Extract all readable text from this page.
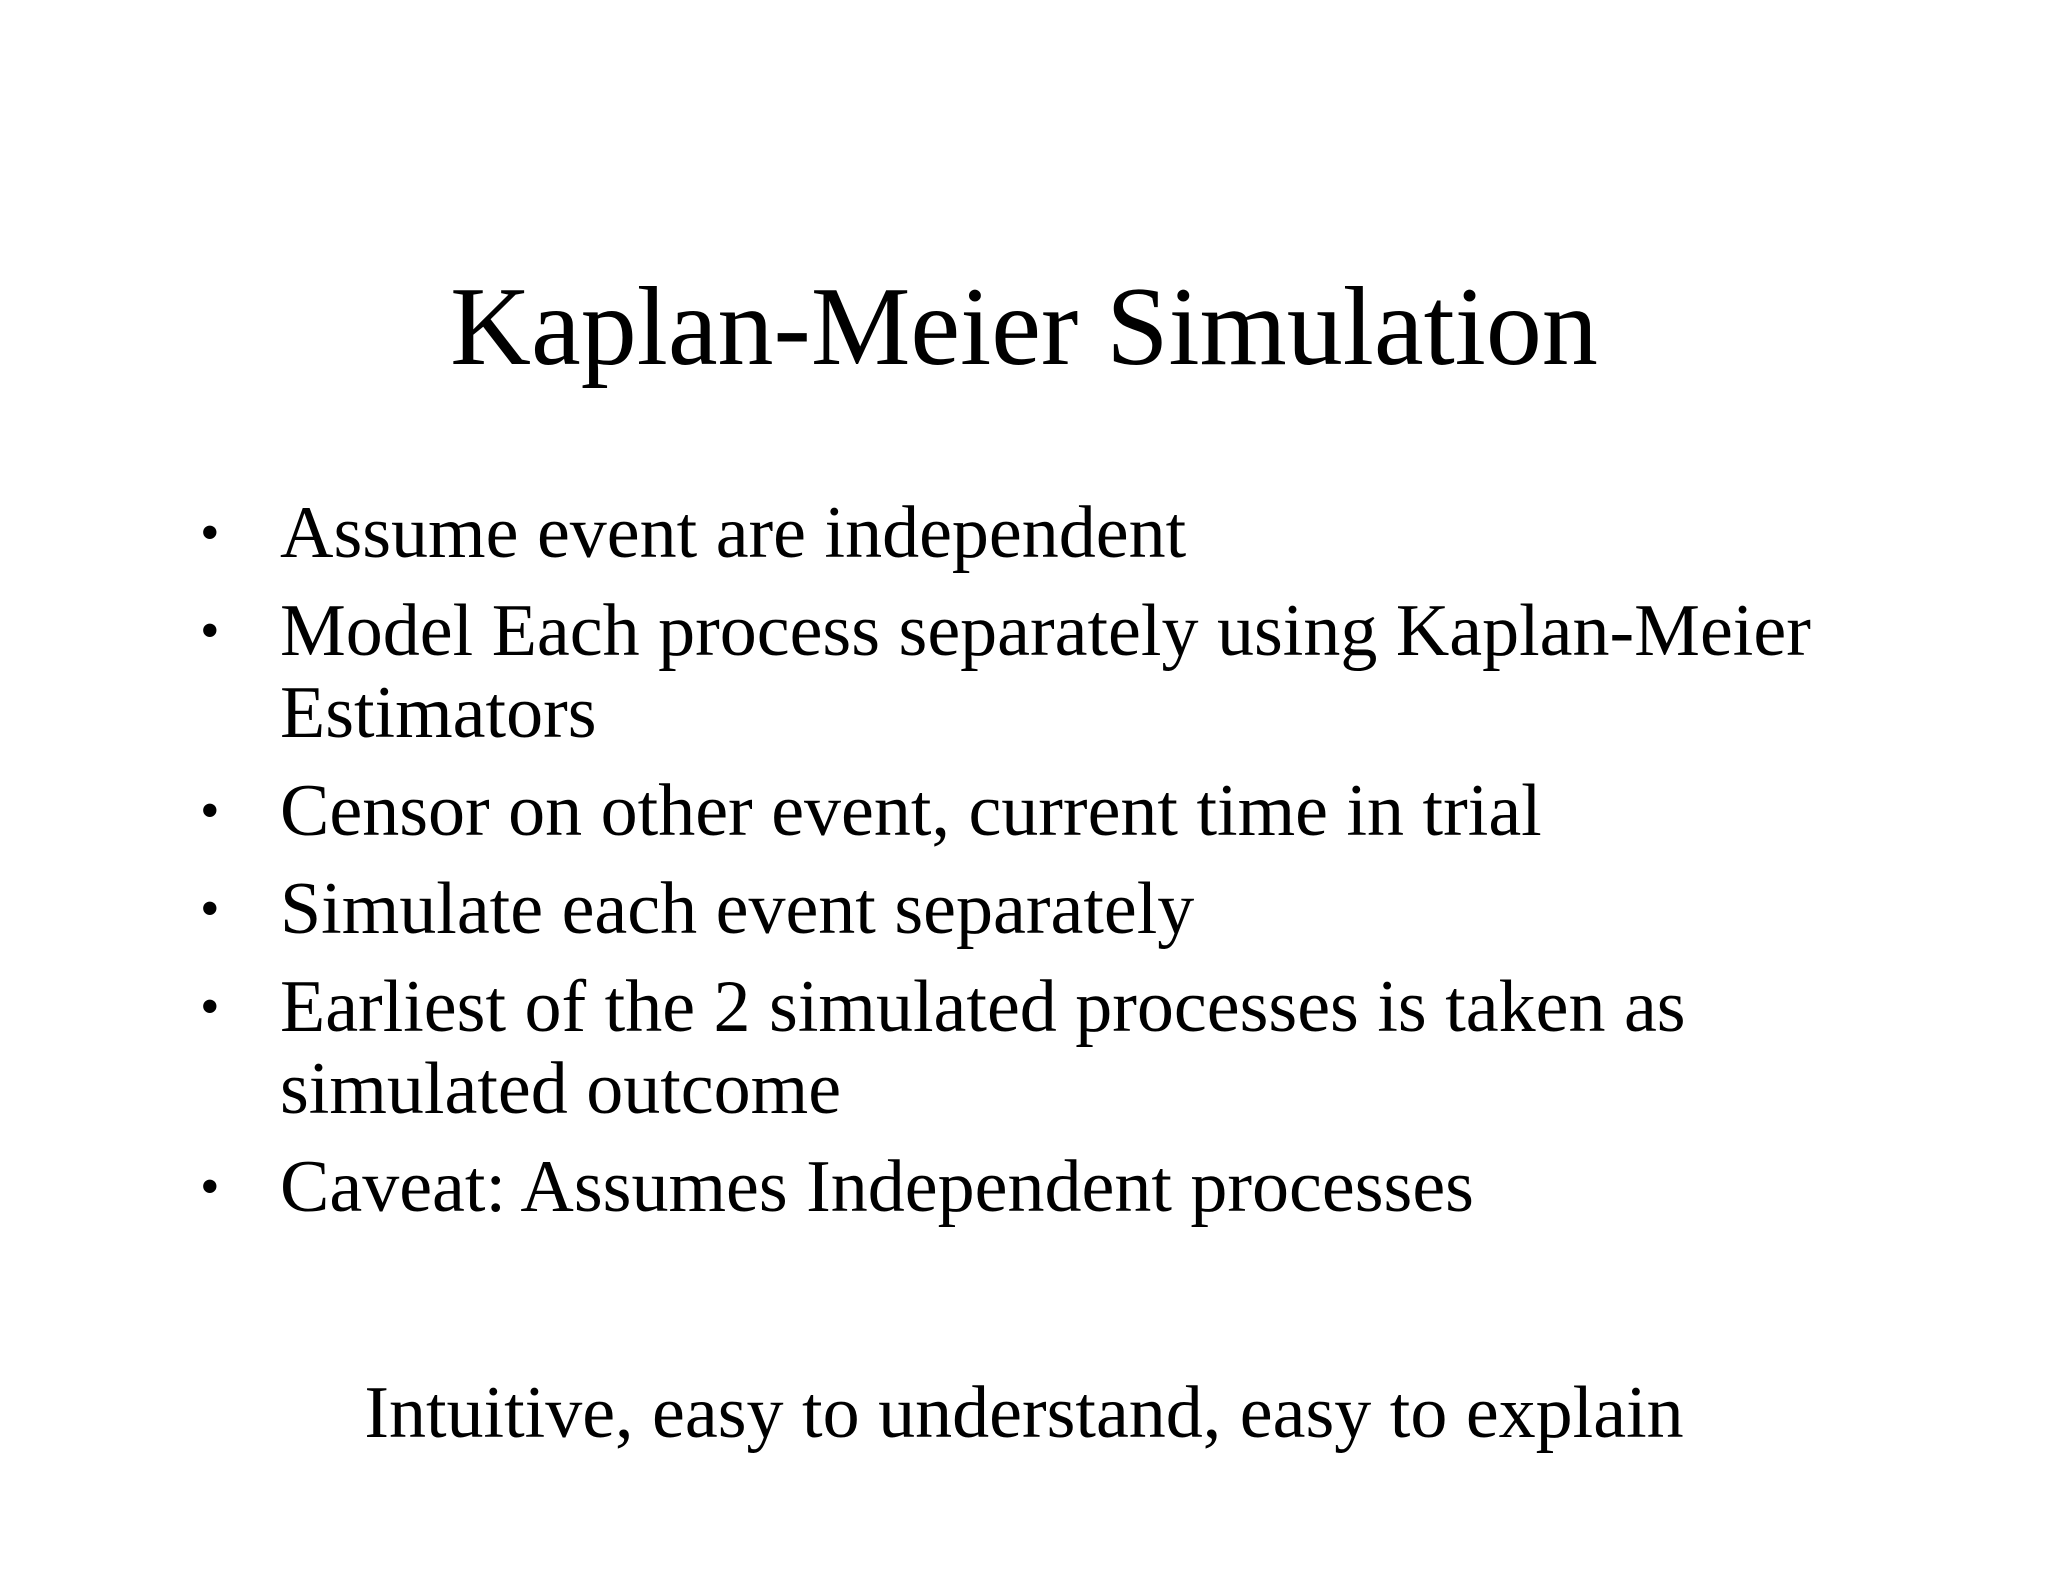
Kaplan-Meier Simulation
• Assume event are independent
• Model Each process separately using Kaplan-Meier Estimators
• Censor on other event, current time in trial
• Simulate each event separately
• Earliest of the 2 simulated processes is taken as simulated outcome
• Caveat: Assumes Independent processes
Intuitive, easy to understand, easy to explain
